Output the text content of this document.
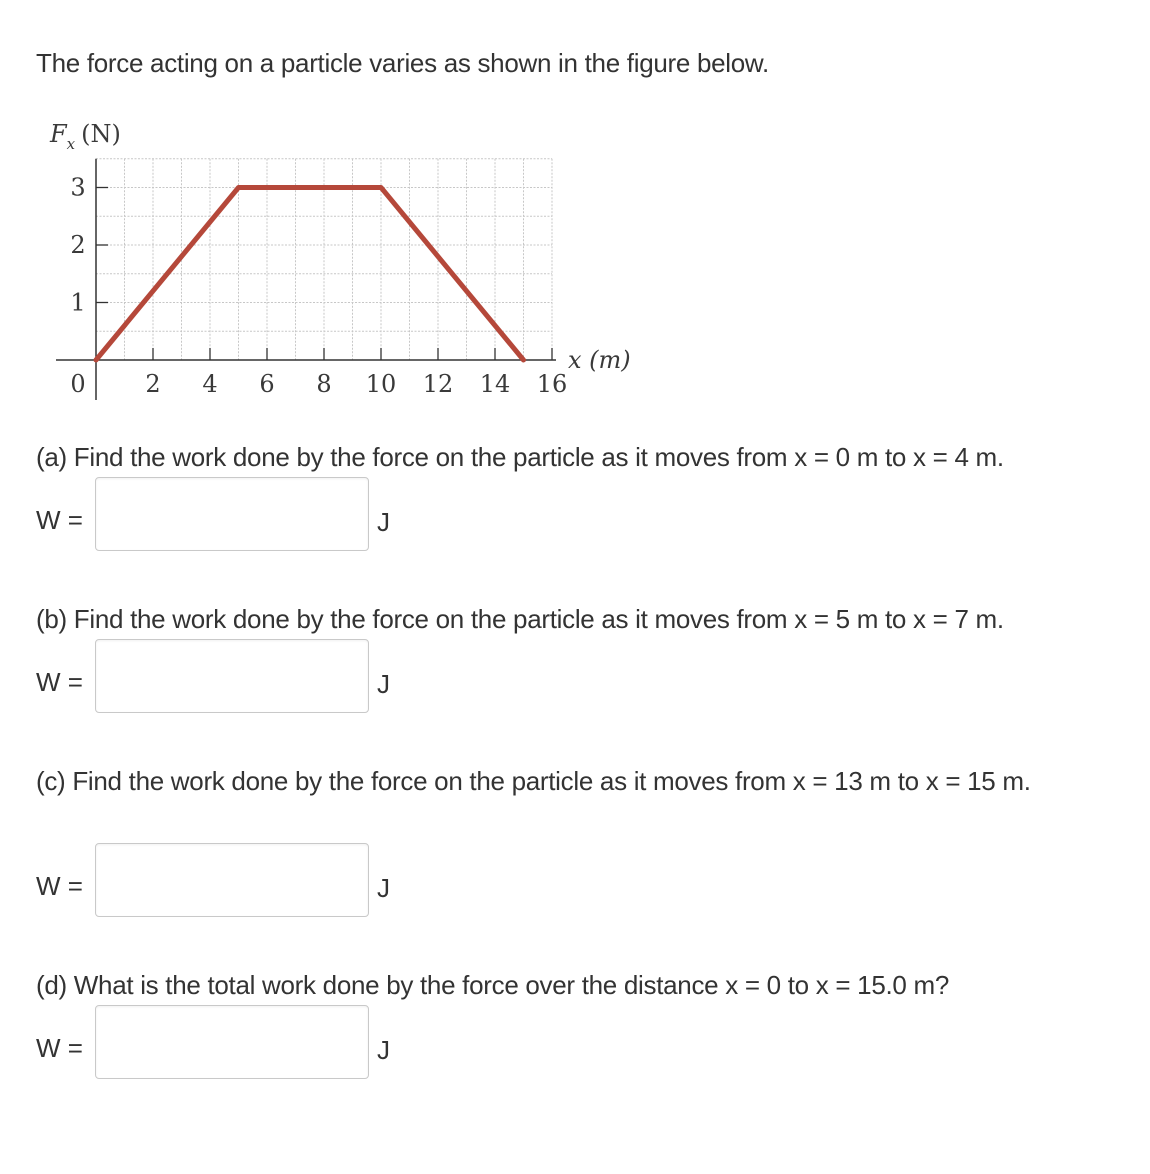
The force acting on a particle varies as shown in the figure below.
0 2 4 6 8 10 12 14 16
1
2
3
$F_x$ (N)
x (m)

(a) Find the work done by the force on the particle as it moves from x = 0 m to x = 4 m.

W =	J

(b) Find the work done by the force on the particle as it moves from x = 5 m to x = 7 m.

W =	J

(c) Find the work done by the force on the particle as it moves from x = 13 m to x = 15 m.

W =	J

(d) What is the total work done by the force over the distance x = 0 to x = 15.0 m?

W =	J
